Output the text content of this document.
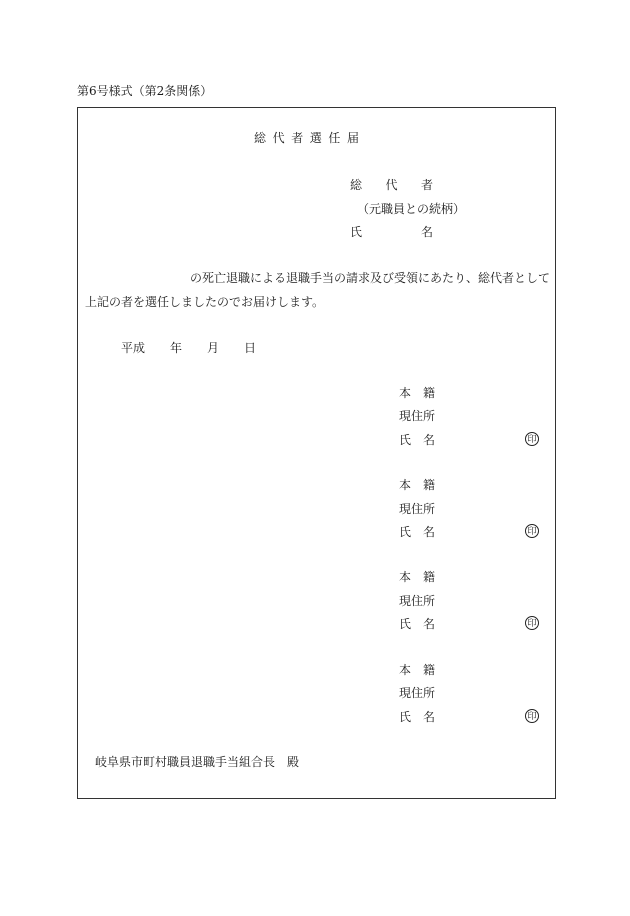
第6号様式（第2条関係）
総代者選任届
総 代 者
（元職員との続柄）
氏	名
の死亡退職による退職手当の請求及び受領にあたり、総代者として
上記の者を選任しましたのでお届けします。
平成 年 月 日
本 籍
現住所
氏 名	印
本 籍
現住所
氏 名	印
本 籍
現住所
氏 名	印
本 籍
現住所
氏 名	印
岐阜県市町村職員退職手当組合長　殿
